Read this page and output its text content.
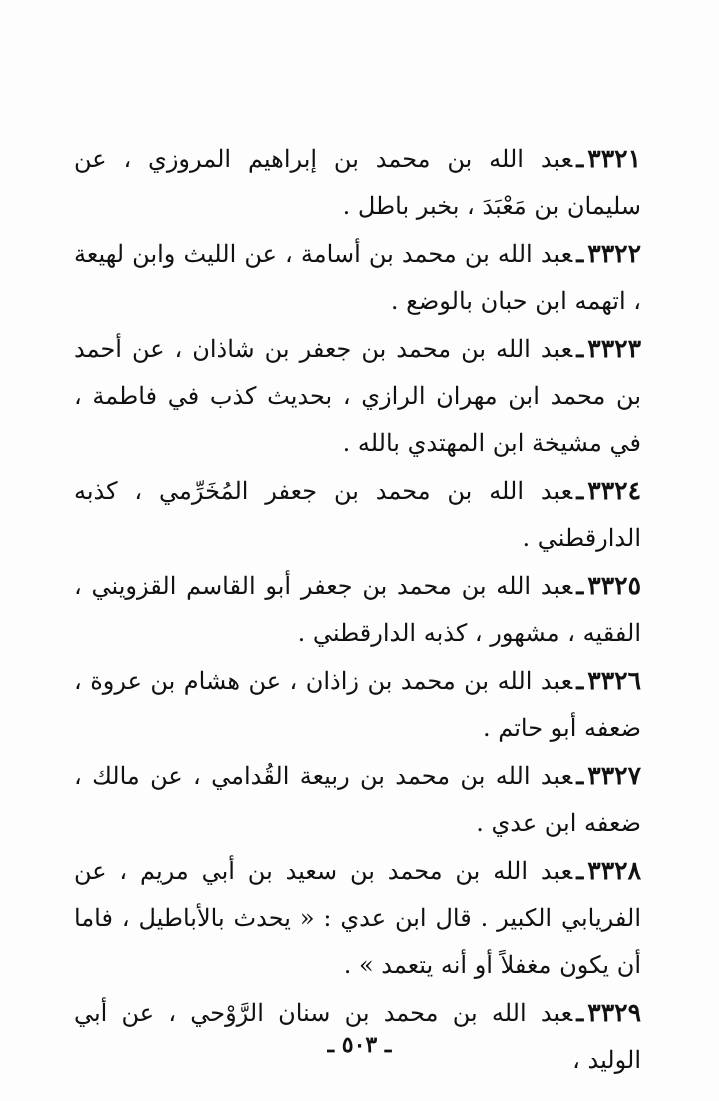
٣٣٢١ـعبد الله بن محمد بن إبراهيم المروزي ، عن سليمان بن مَعْبَدَ ، بخبر باطل .

٣٣٢٢ـعبد الله بن محمد بن أسامة ، عن الليث وابن لهيعة ، اتهمه ابن حبان بالوضع .

٣٣٢٣ـعبد الله بن محمد بن جعفر بن شاذان ، عن أحمد بن محمد ابن مهران الرازي ، بحديث كذب في فاطمة ، في مشيخة ابن المهتدي بالله .

٣٣٢٤ـعبد الله بن محمد بن جعفر المُخَرِّمي ، كذبه الدارقطني .

٣٣٢٥ـعبد الله بن محمد بن جعفر أبو القاسم القزويني ، الفقيه ، مشهور ، كذبه الدارقطني .

٣٣٢٦ـعبد الله بن محمد بن زاذان ، عن هشام بن عروة ، ضعفه أبو حاتم .

٣٣٢٧ـعبد الله بن محمد بن ربيعة القُدامي ، عن مالك ، ضعفه ابن عدي .

٣٣٢٨ـعبد الله بن محمد بن سعيد بن أبي مريم ، عن الفريابي الكبير . قال ابن عدي : « يحدث بالأباطيل ، فاما أن يكون مغفلاً أو أنه يتعمد » .

٣٣٢٩ـعبد الله بن محمد بن سنان الرَّوْحي ، عن أبي الوليد ،

ـ ٥٠٣ ـ
